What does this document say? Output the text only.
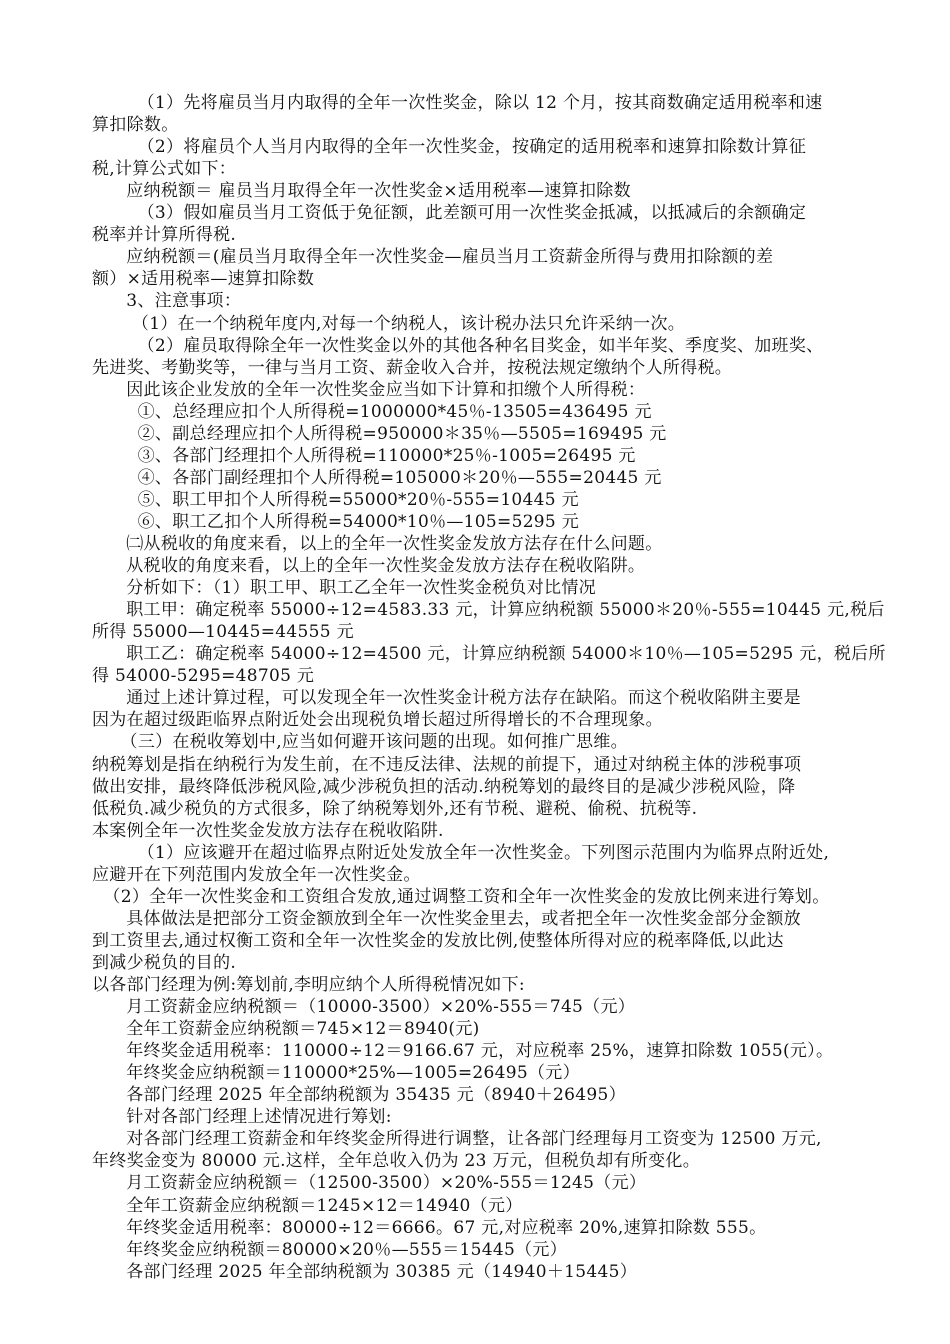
（1）先将雇员当月内取得的全年一次性奖金，除以 12 个月，按其商数确定适用税率和速
算扣除数。
（2）将雇员个人当月内取得的全年一次性奖金，按确定的适用税率和速算扣除数计算征
税,计算公式如下：
应纳税额＝ 雇员当月取得全年一次性奖金×适用税率—速算扣除数
（3）假如雇员当月工资低于免征额，此差额可用一次性奖金抵减，以抵减后的余额确定
税率并计算所得税.
应纳税额＝(雇员当月取得全年一次性奖金—雇员当月工资薪金所得与费用扣除额的差
额）×适用税率—速算扣除数
3、注意事项：
（1）在一个纳税年度内,对每一个纳税人，该计税办法只允许采纳一次。
（2）雇员取得除全年一次性奖金以外的其他各种名目奖金，如半年奖、季度奖、加班奖、
先进奖、考勤奖等，一律与当月工资、薪金收入合并，按税法规定缴纳个人所得税。
因此该企业发放的全年一次性奖金应当如下计算和扣缴个人所得税：
①、总经理应扣个人所得税=1000000*45％-13505=436495 元
②、副总经理应扣个人所得税=950000＊35％—5505=169495 元
③、各部门经理扣个人所得税=110000*25％-1005=26495 元
④、各部门副经理扣个人所得税=105000＊20％—555=20445 元
⑤、职工甲扣个人所得税=55000*20％-555=10445 元
⑥、职工乙扣个人所得税=54000*10％—105=5295 元
㈡从税收的角度来看，以上的全年一次性奖金发放方法存在什么问题。
从税收的角度来看，以上的全年一次性奖金发放方法存在税收陷阱。
分析如下：（1）职工甲、职工乙全年一次性奖金税负对比情况
职工甲：确定税率 55000÷12=4583.33 元，计算应纳税额 55000＊20％-555=10445 元,税后
所得 55000—10445=44555 元
职工乙：确定税率 54000÷12=4500 元，计算应纳税额 54000＊10％—105=5295 元，税后所
得 54000-5295=48705 元
通过上述计算过程，可以发现全年一次性奖金计税方法存在缺陷。而这个税收陷阱主要是
因为在超过级距临界点附近处会出现税负增长超过所得增长的不合理现象。
（三）在税收筹划中,应当如何避开该问题的出现。如何推广思维。
纳税筹划是指在纳税行为发生前，在不违反法律、法规的前提下，通过对纳税主体的涉税事项
做出安排，最终降低涉税风险,减少涉税负担的活动.纳税筹划的最终目的是减少涉税风险，降
低税负.减少税负的方式很多，除了纳税筹划外,还有节税、避税、偷税、抗税等.
本案例全年一次性奖金发放方法存在税收陷阱.
（1）应该避开在超过临界点附近处发放全年一次性奖金。下列图示范围内为临界点附近处,
应避开在下列范围内发放全年一次性奖金。
（2）全年一次性奖金和工资组合发放,通过调整工资和全年一次性奖金的发放比例来进行筹划。
具体做法是把部分工资金额放到全年一次性奖金里去，或者把全年一次性奖金部分金额放
到工资里去,通过权衡工资和全年一次性奖金的发放比例,使整体所得对应的税率降低,以此达
到减少税负的目的.
以各部门经理为例:筹划前,李明应纳个人所得税情况如下:
月工资薪金应纳税额＝（10000-3500）×20%-555＝745（元）
全年工资薪金应纳税额＝745×12＝8940(元)
年终奖金适用税率：110000÷12＝9166.67 元，对应税率 25%，速算扣除数 1055(元）。
年终奖金应纳税额＝110000*25%—1005=26495（元）
各部门经理 2025 年全部纳税额为 35435 元（8940＋26495）
针对各部门经理上述情况进行筹划:
对各部门经理工资薪金和年终奖金所得进行调整，让各部门经理每月工资变为 12500 万元,
年终奖金变为 80000 元.这样，全年总收入仍为 23 万元，但税负却有所变化。
月工资薪金应纳税额＝（12500-3500）×20%-555＝1245（元）
全年工资薪金应纳税额＝1245×12＝14940（元）
年终奖金适用税率：80000÷12＝6666。67 元,对应税率 20%,速算扣除数 555。
年终奖金应纳税额＝80000×20％—555＝15445（元）
各部门经理 2025 年全部纳税额为 30385 元（14940＋15445）
